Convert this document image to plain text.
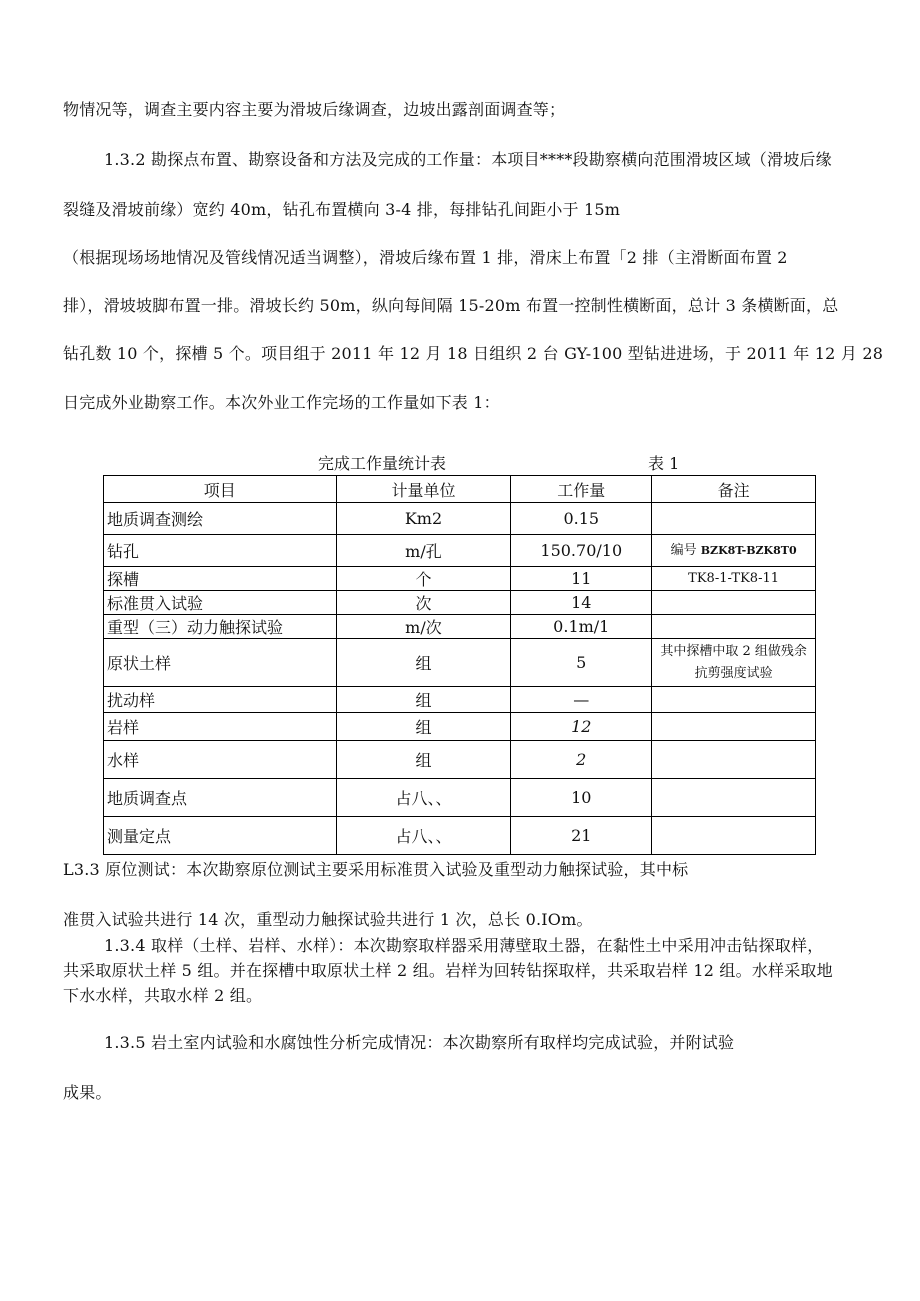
物情况等，调查主要内容主要为滑坡后缘调查，边坡出露剖面调查等；
1.3.2 勘探点布置、勘察设备和方法及完成的工作量：本项目****段勘察横向范围滑坡区域（滑坡后缘
裂缝及滑坡前缘）宽约 40m，钻孔布置横向 3-4 排，每排钻孔间距小于 15m
（根据现场场地情况及管线情况适当调整），滑坡后缘布置 1 排，滑床上布置「2 排（主滑断面布置 2
排），滑坡坡脚布置一排。滑坡长约 50m，纵向每间隔 15-20m 布置一控制性横断面，总计 3 条横断面，总
钻孔数 10 个，探槽 5 个。项目组于 2011 年 12 月 18 日组织 2 台 GY-100 型钻进进场，于 2011 年 12 月 28
日完成外业勘察工作。本次外业工作完场的工作量如下表 1：
完成工作量统计表	表 1
项目	计量单位	工作量	备注
地质调查测绘	Km2	0.15	
钻孔	m/孔	150.70/10	编号 BZK8T-BZK8T0
探槽	个	11	TK8-1-TK8-11
标准贯入试验	次	14	
重型（三）动力触探试验	m/次	0.1m/1	
原状土样	组	5	其中探槽中取 2 组做残余
抗剪强度试验

扰动样	组	—	
岩样	组	12	
水样	组	2	
地质调查点	占八、、	10	
测量定点	占八、、	21	
L3.3 原位测试：本次勘察原位测试主要采用标准贯入试验及重型动力触探试验，其中标
准贯入试验共进行 14 次，重型动力触探试验共进行 1 次，总长 0.IOm。
1.3.4 取样（土样、岩样、水样）：本次勘察取样器采用薄壁取土器，在黏性土中采用冲击钻探取样，
共采取原状土样 5 组。并在探槽中取原状土样 2 组。岩样为回转钻探取样，共采取岩样 12 组。水样采取地
下水水样，共取水样 2 组。
1.3.5 岩土室内试验和水腐蚀性分析完成情况：本次勘察所有取样均完成试验，并附试验
成果。
